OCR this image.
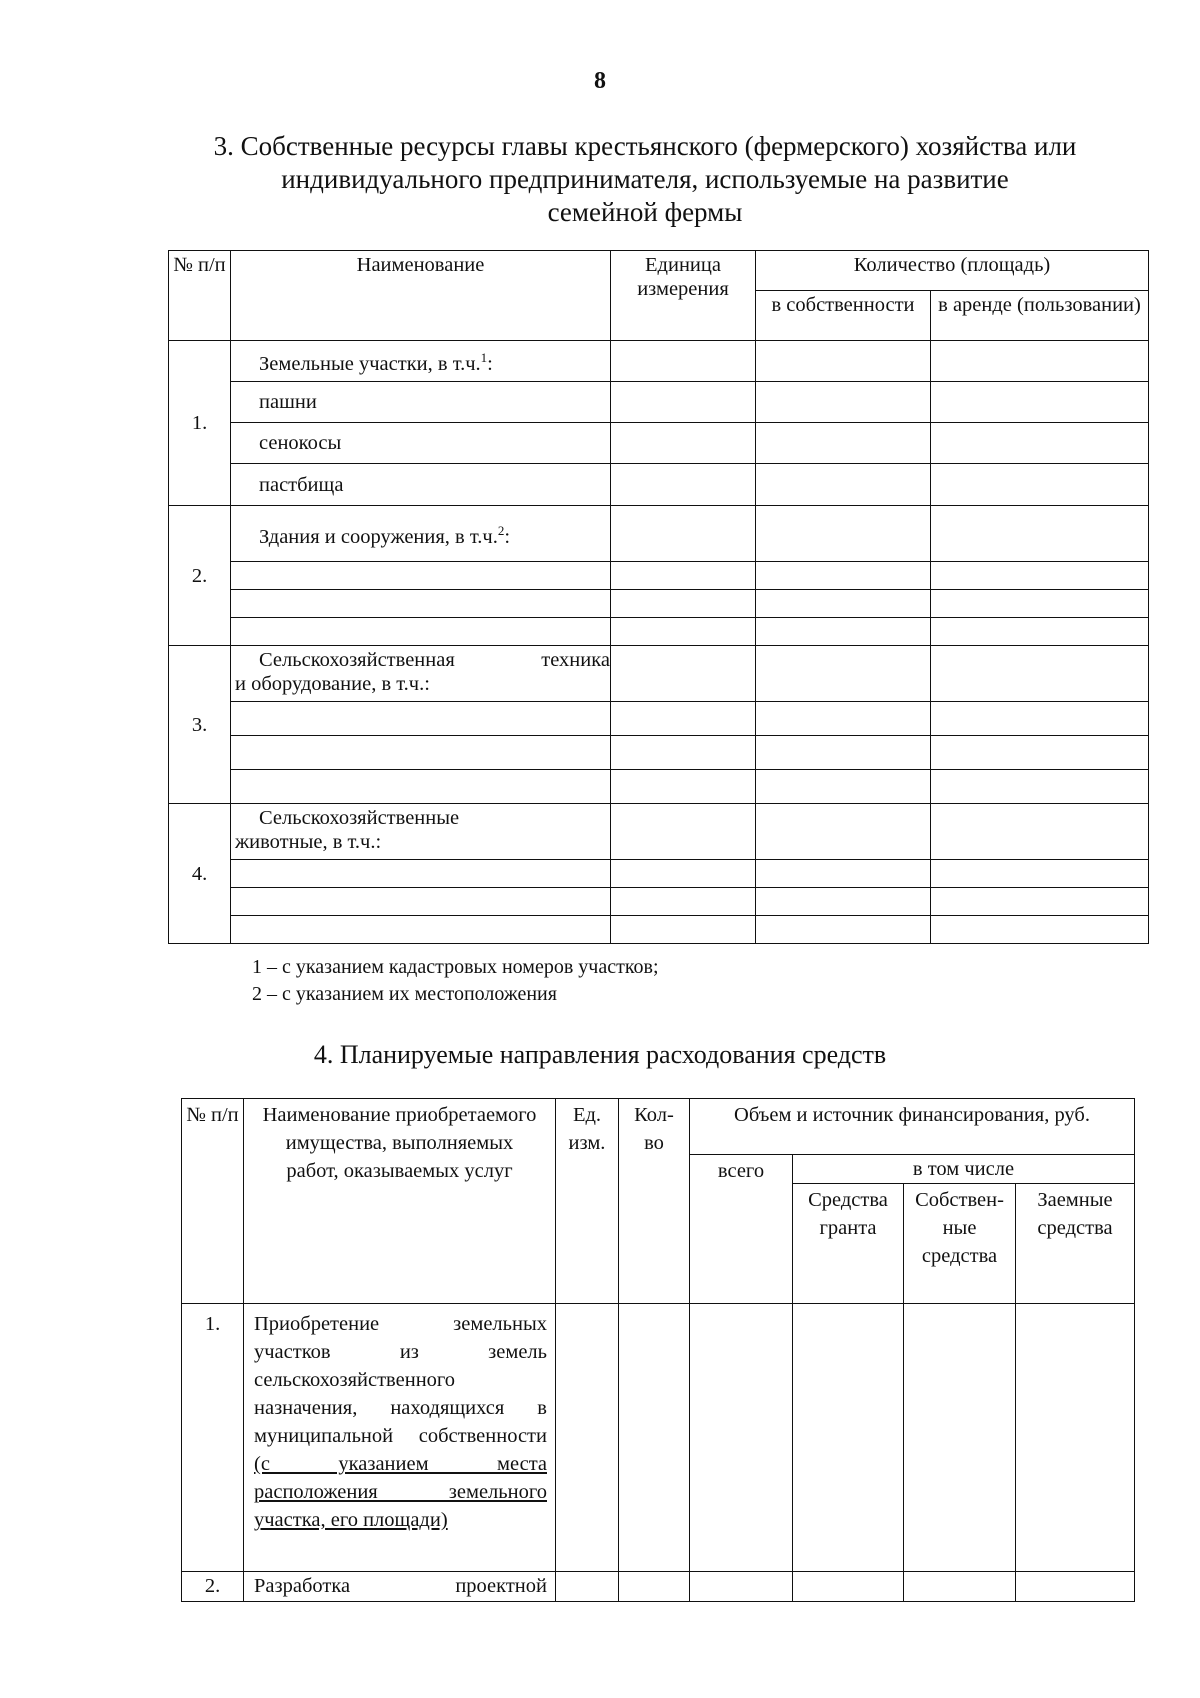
8
3. Собственные ресурсы главы крестьянского (фермерского) хозяйства или
индивидуального предпринимателя, используемые на развитие
семейной фермы
№ п/п	Наименование	Единица измерения	Количество (площадь)	
			в собственности	в аренде (пользовании)
1.	Земельные участки, в т.ч.$^1$:			
	пашни			
	сенокосы			
	пастбища			
2.	Здания и сооружения, в т.ч.$^2$:			

3.	Сельскохозяйственная техника
и оборудование, в т.ч.:			

4.	Сельскохозяйственные
животные, в т.ч.:			

1 – с указанием кадастровых номеров участков;
2 – с указанием их местоположения
4. Планируемые направления расходования средств
№ п/п	Наименование приобретаемого имущества, выполняемых работ, оказываемых услуг	Ед. изм.	Кол-во	Объем и источник финансирования, руб.			
				всего	в том числе		
					Средства гранта	Собствен-ные средства	Заемные средства
1.	Приобретение земельных участков из земель сельскохозяйственного назначения, находящихся в муниципальной собственности (с указанием места расположения земельного участка, его площади)						
2.	Разработка проектной						
